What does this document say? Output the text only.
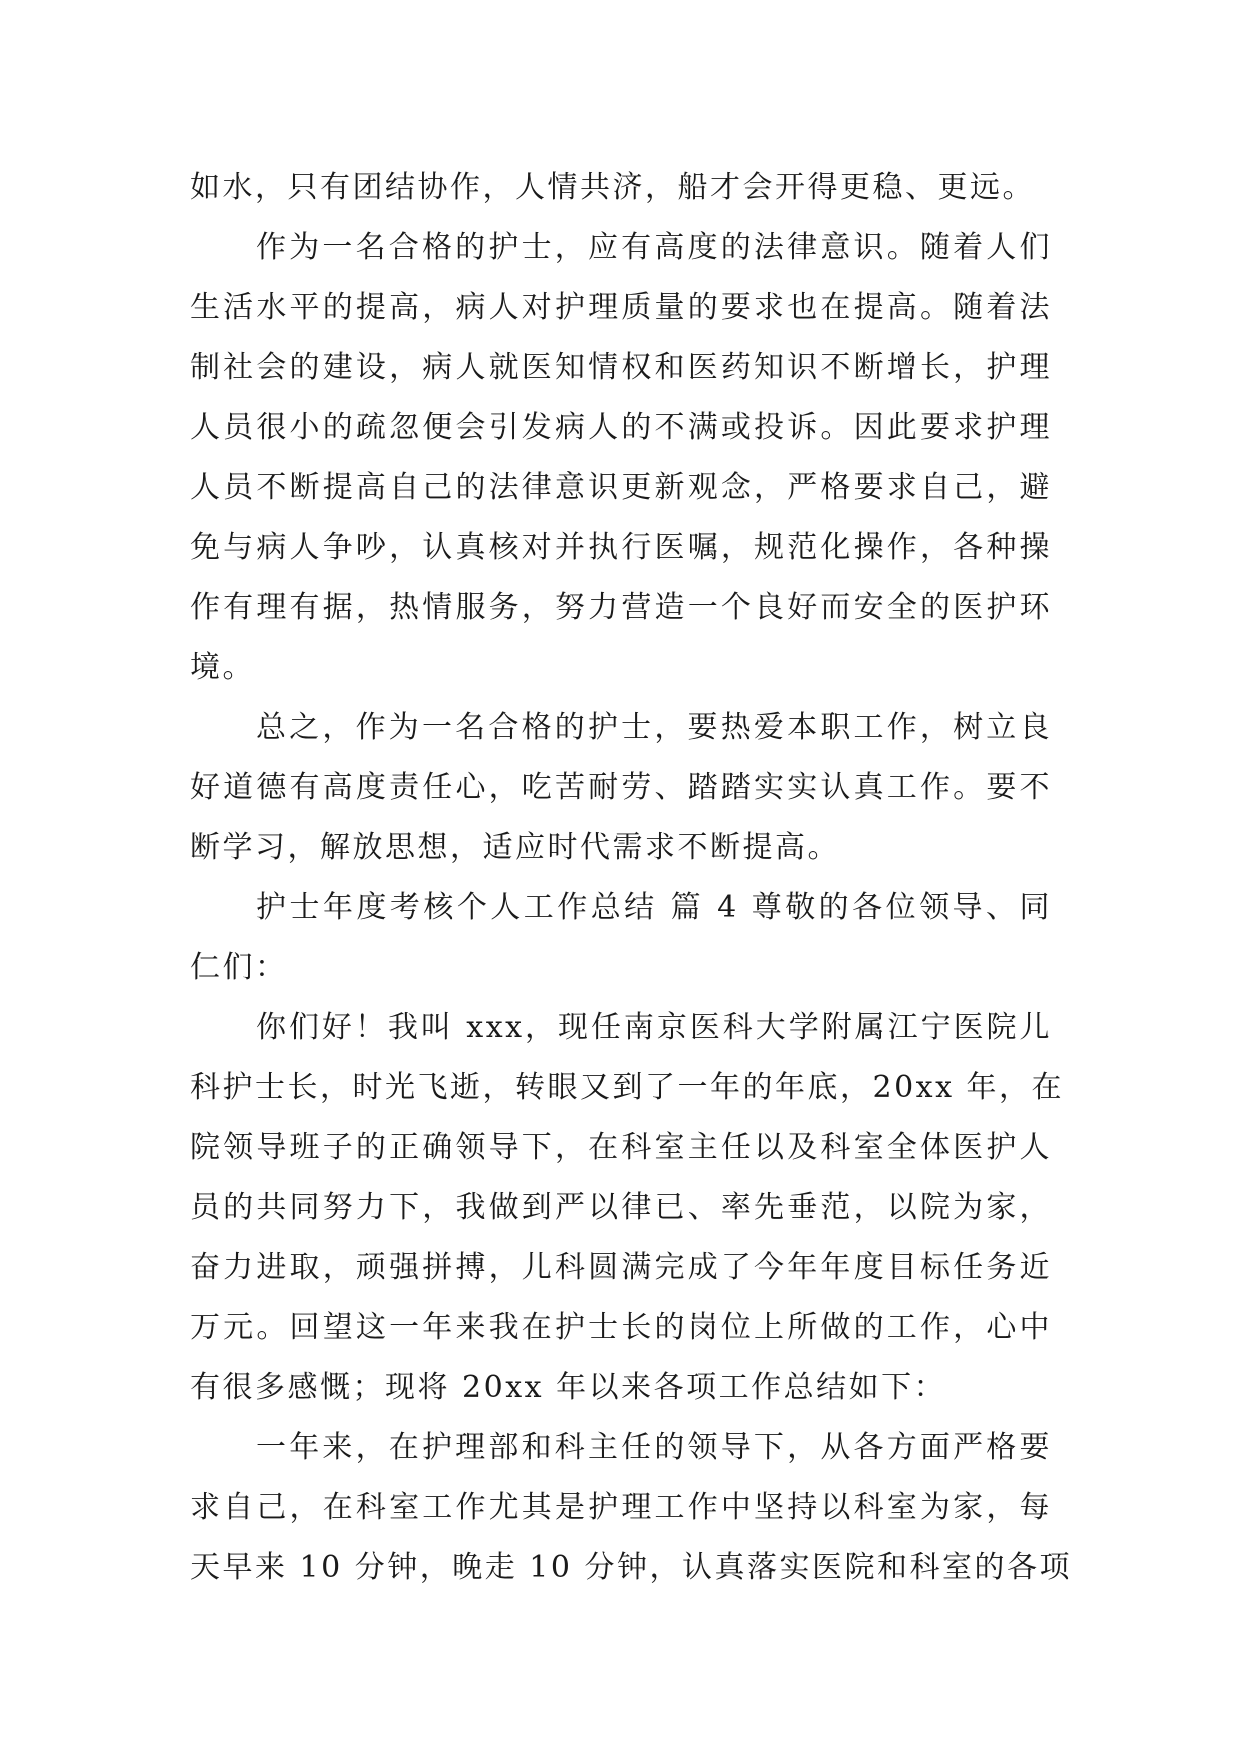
如水，只有团结协作，人情共济，船才会开得更稳、更远。
作为一名合格的护士，应有高度的法律意识。随着人们
生活水平的提高，病人对护理质量的要求也在提高。随着法
制社会的建设，病人就医知情权和医药知识不断增长，护理
人员很小的疏忽便会引发病人的不满或投诉。因此要求护理
人员不断提高自己的法律意识更新观念，严格要求自己，避
免与病人争吵，认真核对并执行医嘱，规范化操作，各种操
作有理有据，热情服务，努力营造一个良好而安全的医护环
境。
总之，作为一名合格的护士，要热爱本职工作，树立良
好道德有高度责任心，吃苦耐劳、踏踏实实认真工作。要不
断学习，解放思想，适应时代需求不断提高。
护士年度考核个人工作总结 篇 4 尊敬的各位领导、同
仁们：
你们好！我叫 xxx，现任南京医科大学附属江宁医院儿
科护士长，时光飞逝，转眼又到了一年的年底，20xx 年，在
院领导班子的正确领导下，在科室主任以及科室全体医护人
员的共同努力下，我做到严以律已、率先垂范，以院为家，
奋力进取，顽强拼搏，儿科圆满完成了今年年度目标任务近
万元。回望这一年来我在护士长的岗位上所做的工作，心中
有很多感慨；现将 20xx 年以来各项工作总结如下：
一年来，在护理部和科主任的领导下，从各方面严格要
求自己，在科室工作尤其是护理工作中坚持以科室为家，每
天早来 10 分钟，晚走 10 分钟，认真落实医院和科室的各项
